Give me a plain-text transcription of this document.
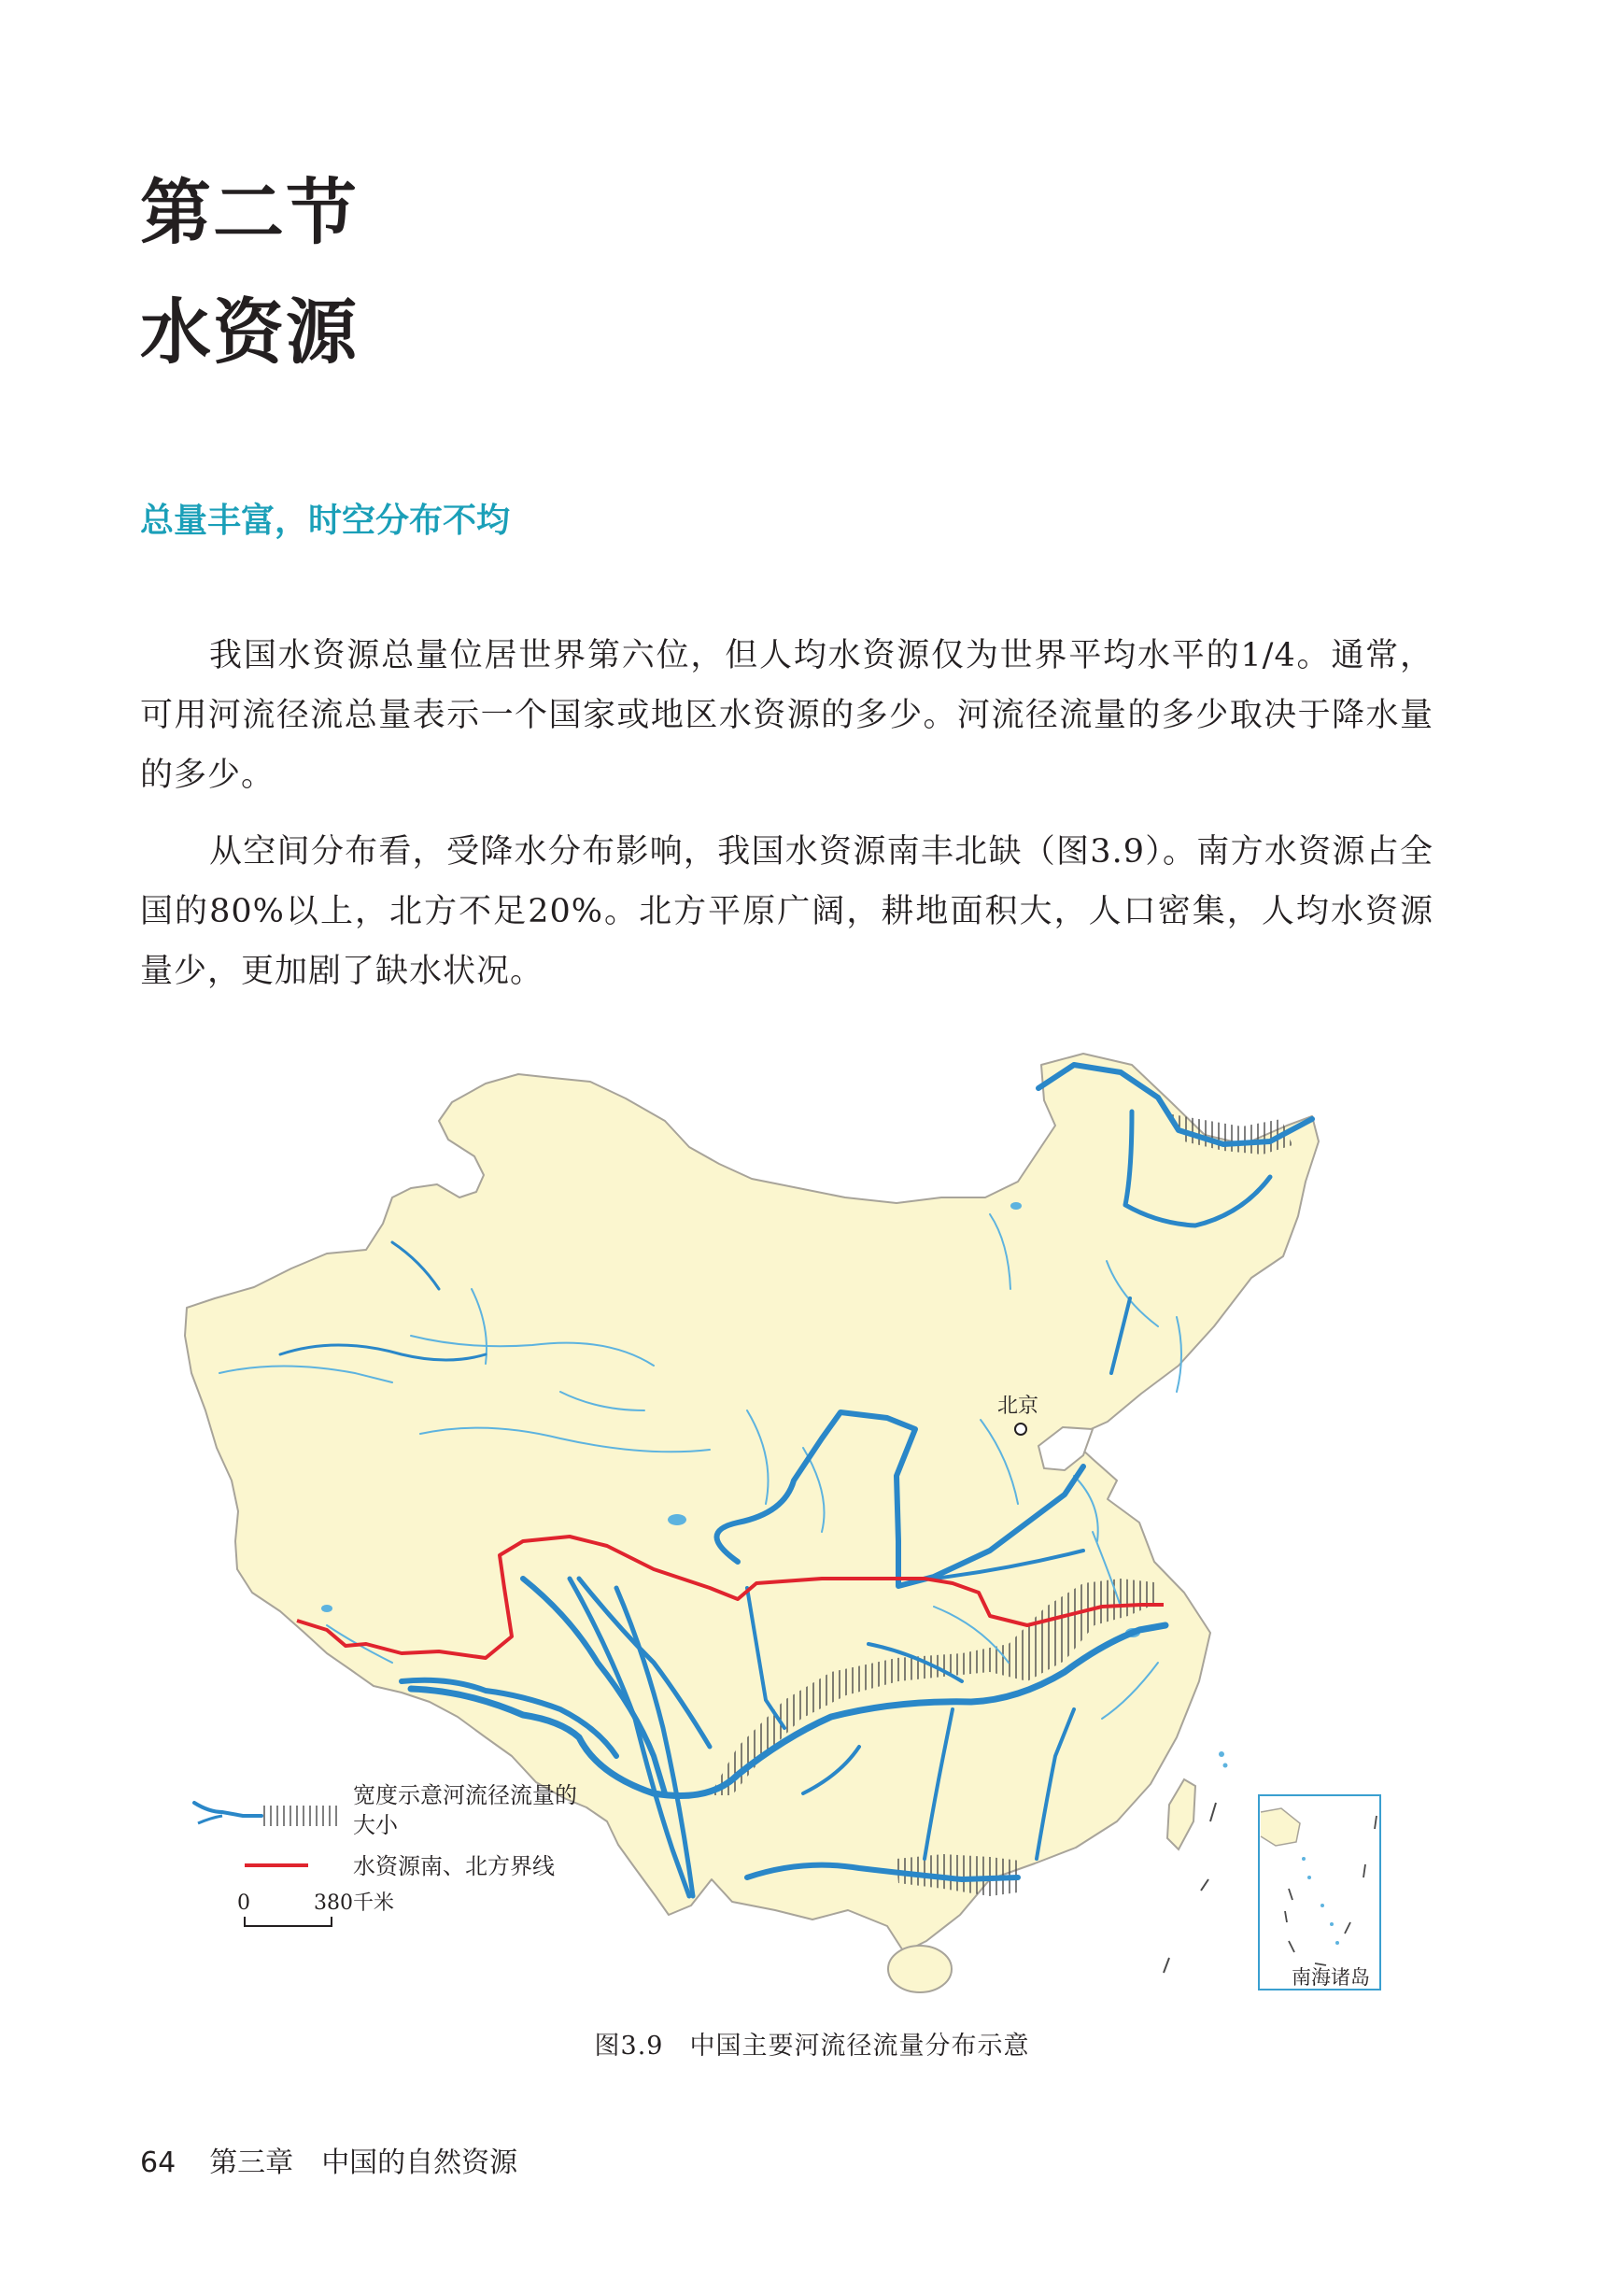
第二节
水资源
总量丰富，时空分布不均

我国水资源总量位居世界第六位，但人均水资源仅为世界平均水平的1/4。通常，可用河流径流总量表示一个国家或地区水资源的多少。河流径流量的多少取决于降水量的多少。

从空间分布看，受降水分布影响，我国水资源南丰北缺（图3.9）。南方水资源占全国的80%以上，北方不足20%。北方平原广阔，耕地面积大，人口密集，人均水资源量少，更加剧了缺水状况。

北京
南海诸岛
宽度示意河流径流量的
大小
水资源南、北方界线
0	380千米

图3.9 中国主要河流径流量分布示意

64 第三章 中国的自然资源
